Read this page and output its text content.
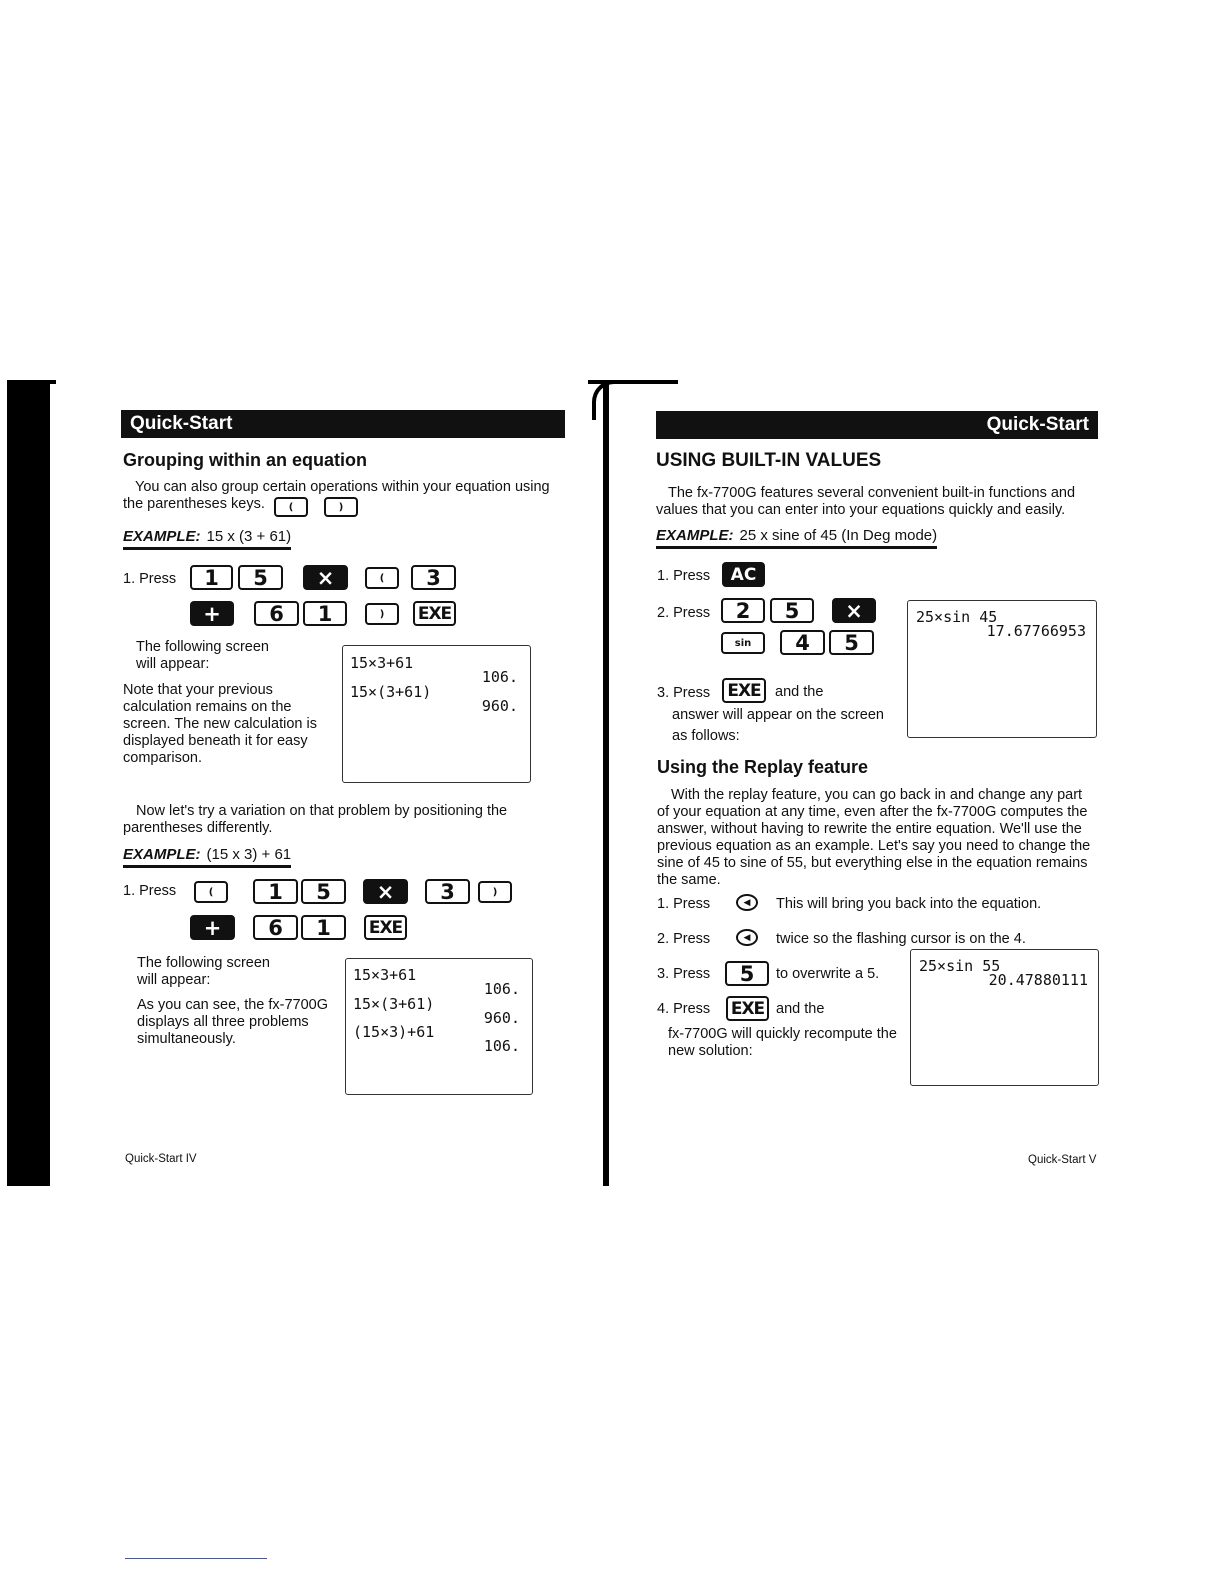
Quick-Start
Grouping within an equation
You can also group certain operations within your equation using the parentheses keys.	(	)
EXAMPLE: 15 x (3 + 61)
1. Press	1	5	×	(	3
+	6	1	)	EXE
The following screen will appear:
Note that your previous calculation remains on the screen. The new calculation is displayed beneath it for easy comparison.
15×3+61
106.
15×(3+61)
960.
Now let's try a variation on that problem by positioning the parentheses differently.
EXAMPLE: (15 x 3) + 61
1. Press	(	1	5	×	3	)
+	6	1	EXE
The following screen will appear:
As you can see, the fx-7700G displays all three problems simultaneously.
15×3+61
106.
15×(3+61)
960.
(15×3)+61
106.
Quick-Start IV
Quick-Start
USING BUILT-IN VALUES
The fx-7700G features several convenient built-in functions and values that you can enter into your equations quickly and easily.
EXAMPLE: 25 x sine of 45 (In Deg mode)
1. Press	AC
2. Press	2	5	×
sin	4	5
3. Press	EXE and the
answer will appear on the screen as follows:
25×sin 45
17.67766953
Using the Replay feature
With the replay feature, you can go back in and change any part of your equation at any time, even after the fx-7700G computes the answer, without having to rewrite the entire equation. We'll use the previous equation as an example. Let's say you need to change the sine of 45 to sine of 55, but everything else in the equation remains the same.
1. Press	◀	This will bring you back into the equation.
2. Press	◀	twice so the flashing cursor is on the 4.
3. Press	5	to overwrite a 5.
4. Press EXE and the
fx-7700G will quickly recompute the new solution:
25×sin 55
20.47880111
Quick-Start V
